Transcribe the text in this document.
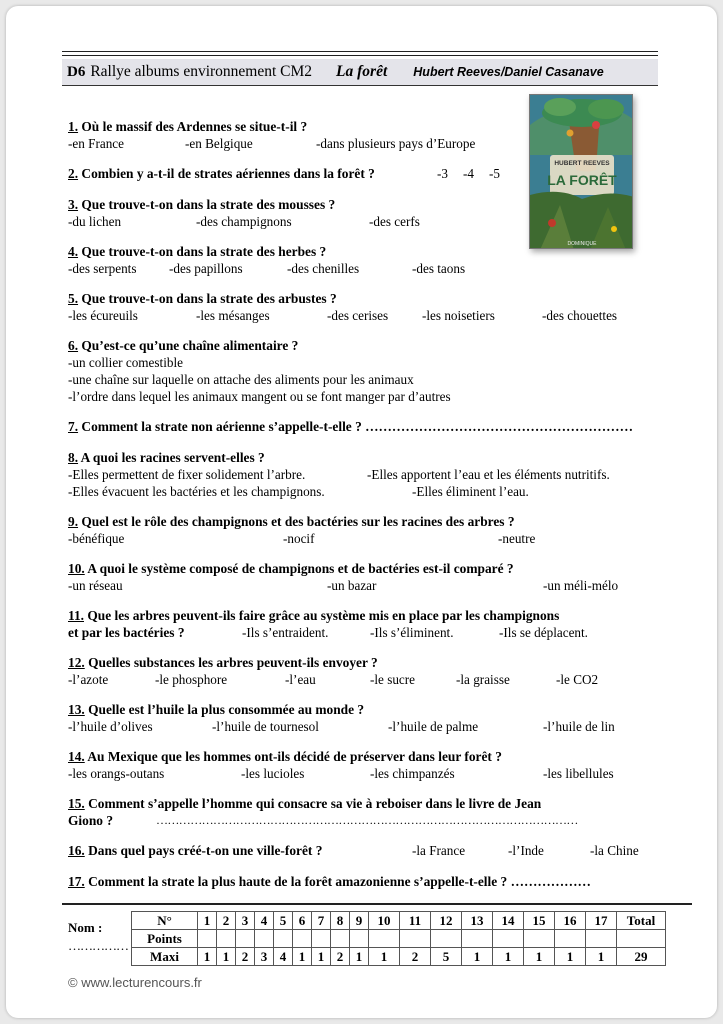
D6 Rallye albums environnement CM2 La forêt Hubert Reeves/Daniel Casanave
HUBERT REEVES
LA FORÊT
DOMINIQUE
1. Où le massif des Ardennes se situe-t-il ?
-en France	-en Belgique	-dans plusieurs pays d’Europe
2. Combien y a-t-il de strates aériennes dans la forêt ?	-3 -4 -5
3. Que trouve-t-on dans la strate des mousses ?
-du lichen	-des champignons	-des cerfs
4. Que trouve-t-on dans la strate des herbes ?
-des serpents -des papillons	-des chenilles	-des taons
5. Que trouve-t-on dans la strate des arbustes ?
-les écureuils	-les mésanges	-des cerises	-les noisetiers	-des chouettes
6. Qu’est-ce qu’une chaîne alimentaire ?
-un collier comestible
-une chaîne sur laquelle on attache des aliments pour les animaux
-l’ordre dans lequel les animaux mangent ou se font manger par d’autres
7. Comment la strate non aérienne s’appelle-t-elle ? ……………………………………………………
8. A quoi les racines servent-elles ?
-Elles permettent de fixer solidement l’arbre.	-Elles apportent l’eau et les éléments nutritifs.
-Elles évacuent les bactéries et les champignons.	-Elles éliminent l’eau.
9. Quel est le rôle des champignons et des bactéries sur les racines des arbres ?
-bénéfique	-nocif	-neutre
10. A quoi le système composé de champignons et de bactéries est-il comparé ?
-un réseau	-un bazar	-un méli-mélo
11. Que les arbres peuvent-ils faire grâce au système mis en place par les champignons
et par les bactéries ?	-Ils s’entraident.	-Ils s’éliminent.	-Ils se déplacent.
12. Quelles substances les arbres peuvent-ils envoyer ?
-l’azote	-le phosphore	-l’eau	-le sucre	-la graisse	-le CO2
13. Quelle est l’huile la plus consommée au monde ?
-l’huile d’olives	-l’huile de tournesol	-l’huile de palme	-l’huile de lin
14. Au Mexique que les hommes ont-ils décidé de préserver dans leur forêt ?
-les orangs-outans	-les lucioles	-les chimpanzés	-les libellules
15. Comment s’appelle l’homme qui consacre sa vie à reboiser dans le livre de Jean
Giono ?	…………………………………………………………………………………………………
16. Dans quel pays créé-t-on une ville-forêt ?	-la France	-l’Inde	-la Chine
17. Comment la strate la plus haute de la forêt amazonienne s’appelle-t-elle ? ………………
Nom :
……………
N°	1	2	3	4	5	6	7	8	9	10	11	12	13	14	15	16	17	Total
Points																		
Maxi	1	1	2	3	4	1	1	2	1	1	2	5	1	1	1	1	1	29
© www.lecturencours.fr
